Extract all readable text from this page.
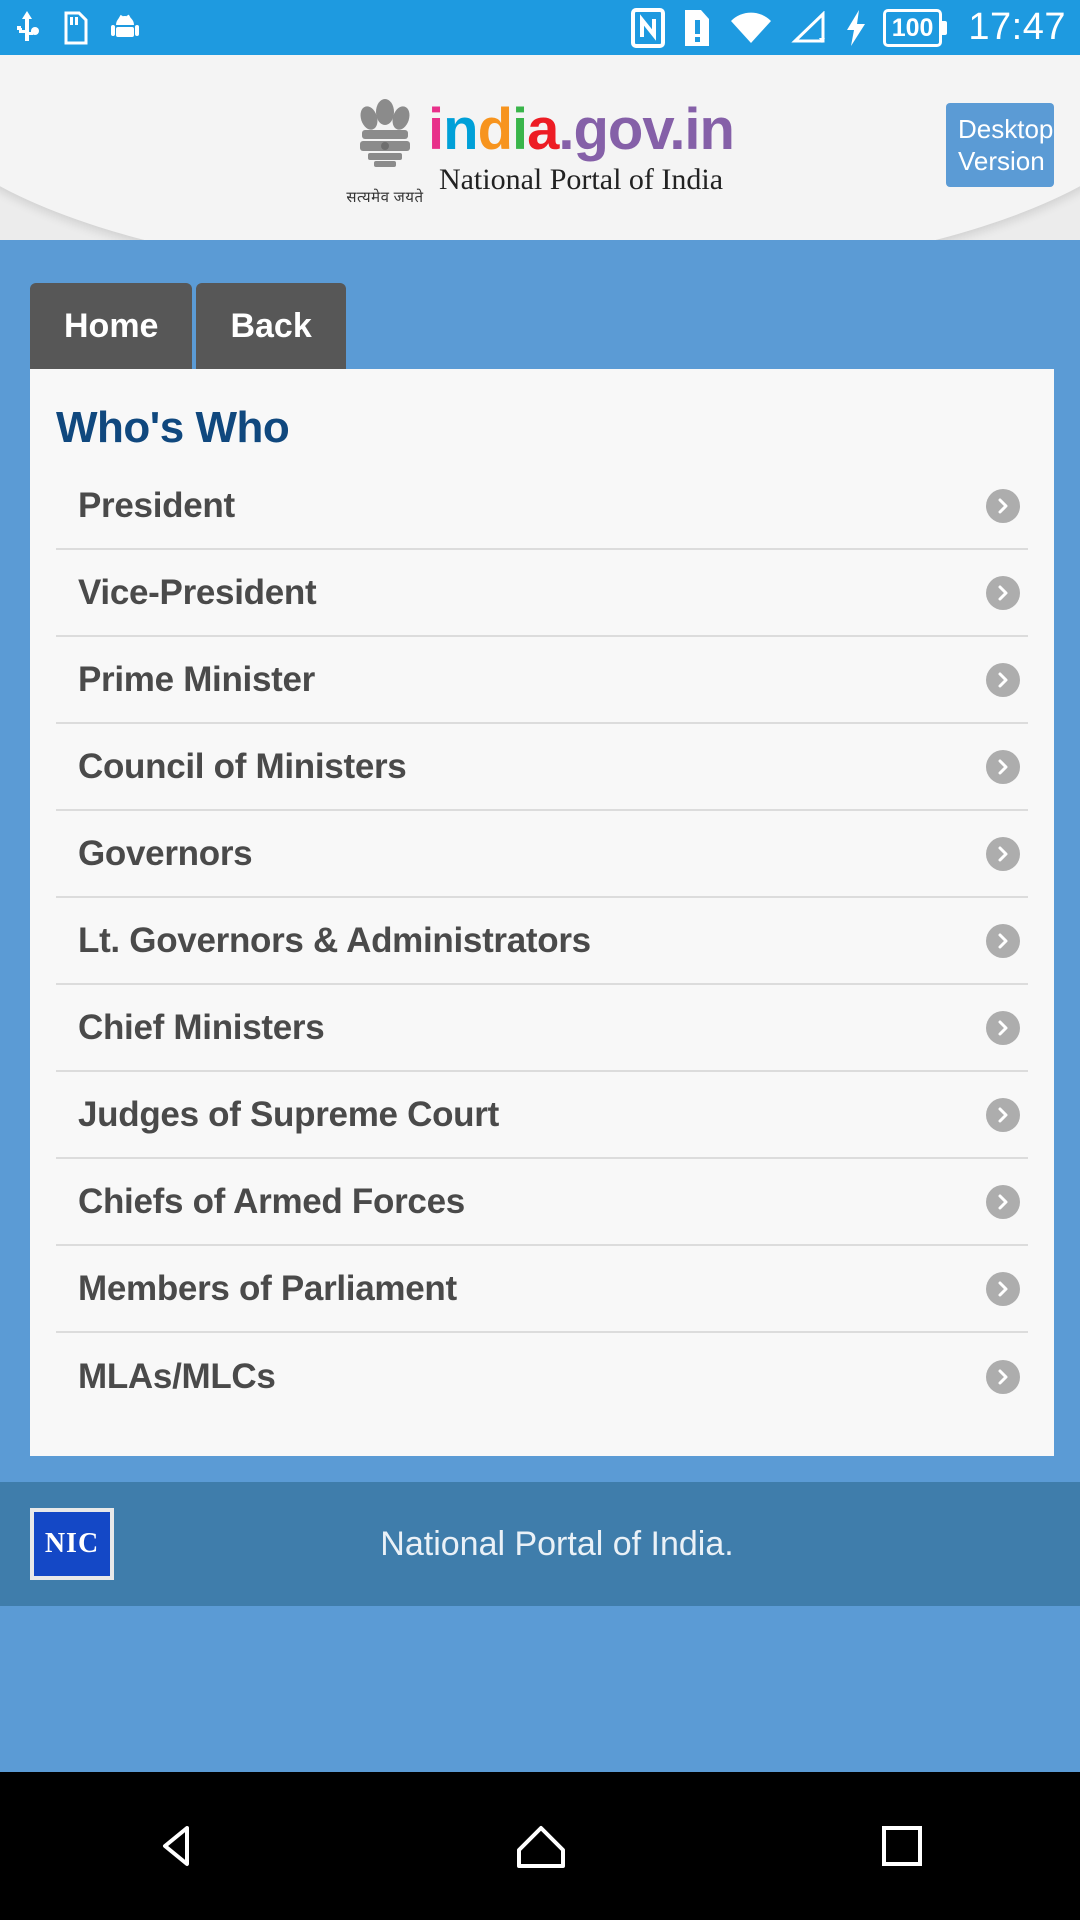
100 17:47
सत्यमेव जयते
india.gov.in
National Portal of India
Desktop Version
Home	Back
Who's Who
President
Vice-President
Prime Minister
Council of Ministers
Governors
Lt. Governors & Administrators
Chief Ministers
Judges of Supreme Court
Chiefs of Armed Forces
Members of Parliament
MLAs/MLCs
NIC	National Portal of India.
